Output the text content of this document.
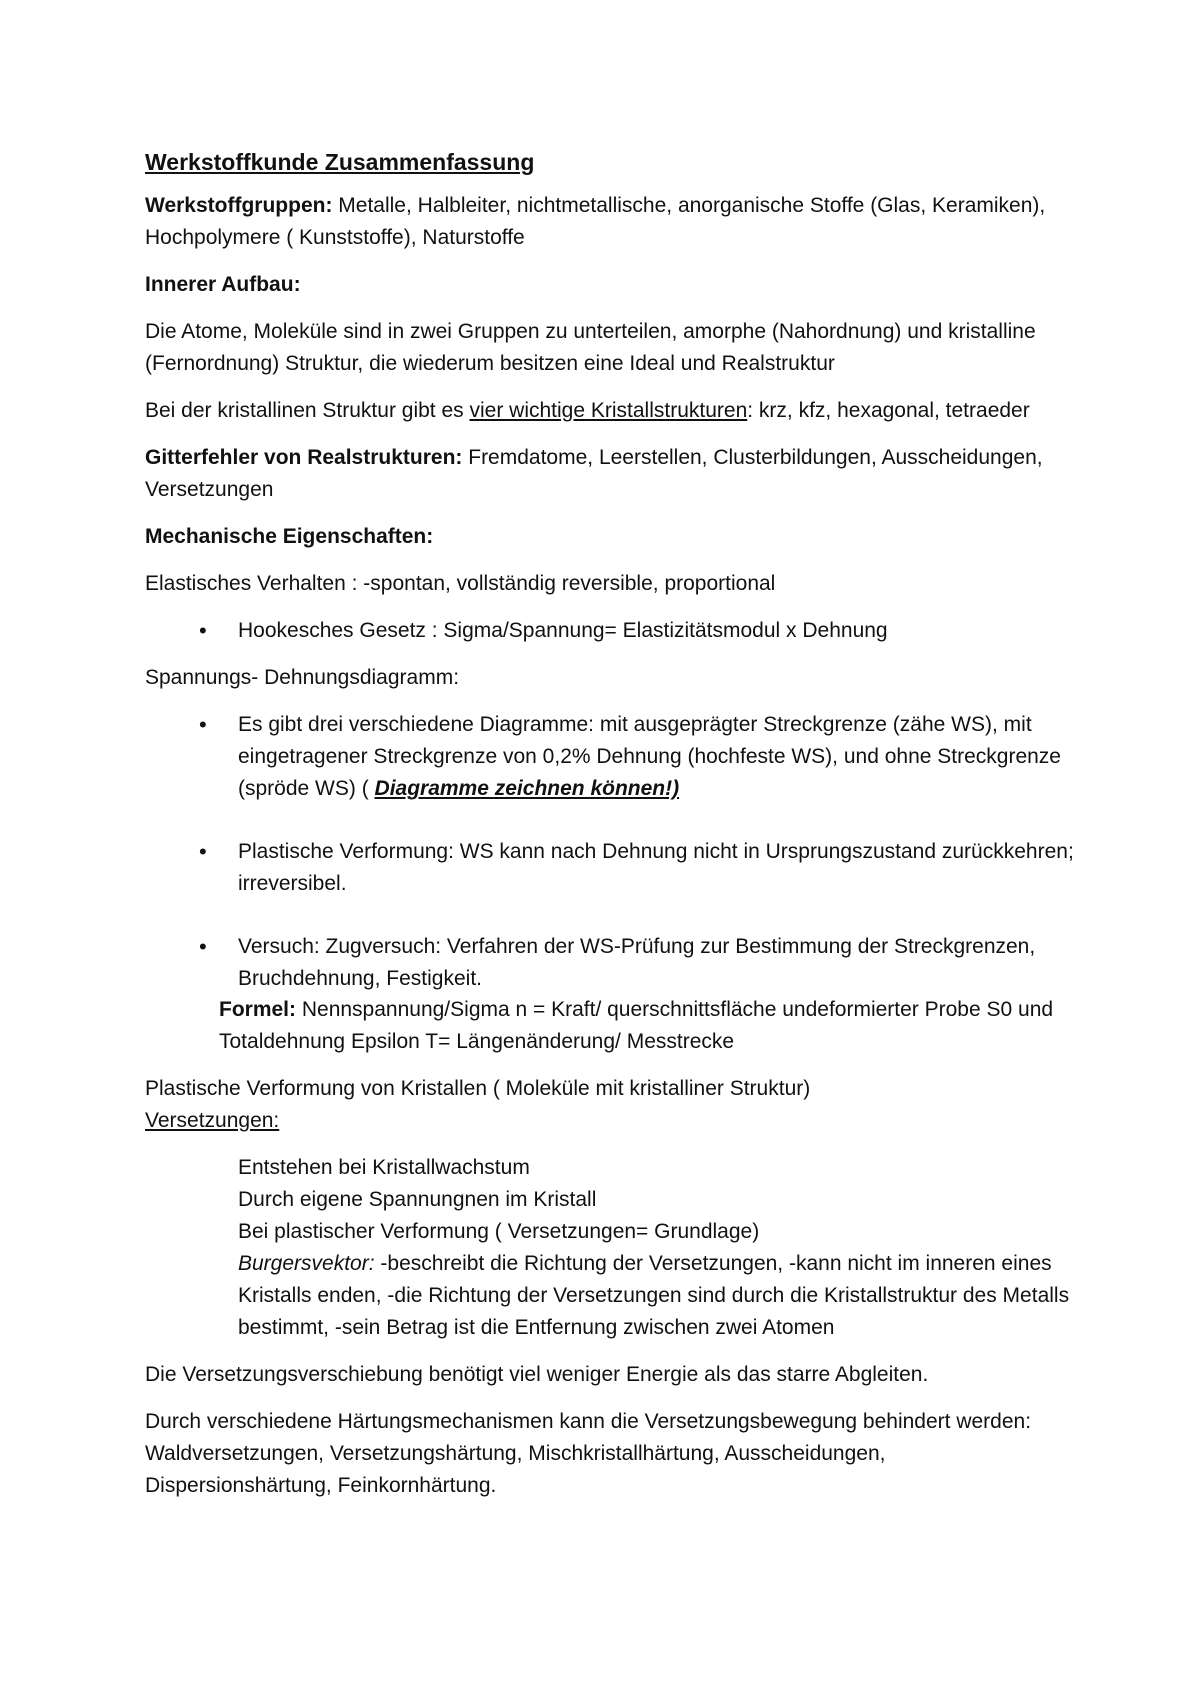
Werkstoffkunde Zusammenfassung

Werkstoffgruppen: Metalle, Halbleiter, nichtmetallische, anorganische Stoffe (Glas, Keramiken), Hochpolymere ( Kunststoffe), Naturstoffe

Innerer Aufbau:

Die Atome, Moleküle sind in zwei Gruppen zu unterteilen, amorphe (Nahordnung) und kristalline (Fernordnung) Struktur, die wiederum besitzen eine Ideal und Realstruktur

Bei der kristallinen Struktur gibt es vier wichtige Kristallstrukturen: krz, kfz, hexagonal, tetraeder

Gitterfehler von Realstrukturen: Fremdatome, Leerstellen, Clusterbildungen, Ausscheidungen, Versetzungen

Mechanische Eigenschaften:

Elastisches Verhalten : -spontan, vollständig reversible, proportional

• Hookesches Gesetz : Sigma/Spannung= Elastizitätsmodul x Dehnung

Spannungs- Dehnungsdiagramm:

• Es gibt drei verschiedene Diagramme: mit ausgeprägter Streckgrenze (zähe WS), mit eingetragener Streckgrenze von 0,2% Dehnung (hochfeste WS), und ohne Streckgrenze (spröde WS) ( Diagramme zeichnen können!)
• Plastische Verformung: WS kann nach Dehnung nicht in Ursprungszustand zurückkehren; irreversibel.
• Versuch: Zugversuch: Verfahren der WS-Prüfung zur Bestimmung der Streckgrenzen, Bruchdehnung, Festigkeit.

Formel: Nennspannung/Sigma n = Kraft/ querschnittsfläche undeformierter Probe S0 und Totaldehnung Epsilon T= Längenänderung/ Messtrecke

Plastische Verformung von Kristallen ( Moleküle mit kristalliner Struktur)

Versetzungen:

Entstehen bei Kristallwachstum
Durch eigene Spannungnen im Kristall
Bei plastischer Verformung ( Versetzungen= Grundlage)
Burgersvektor: -beschreibt die Richtung der Versetzungen, -kann nicht im inneren eines Kristalls enden, -die Richtung der Versetzungen sind durch die Kristallstruktur des Metalls bestimmt, -sein Betrag ist die Entfernung zwischen zwei Atomen

Die Versetzungsverschiebung benötigt viel weniger Energie als das starre Abgleiten.

Durch verschiedene Härtungsmechanismen kann die Versetzungsbewegung behindert werden: Waldversetzungen, Versetzungshärtung, Mischkristallhärtung, Ausscheidungen, Dispersionshärtung, Feinkornhärtung.
